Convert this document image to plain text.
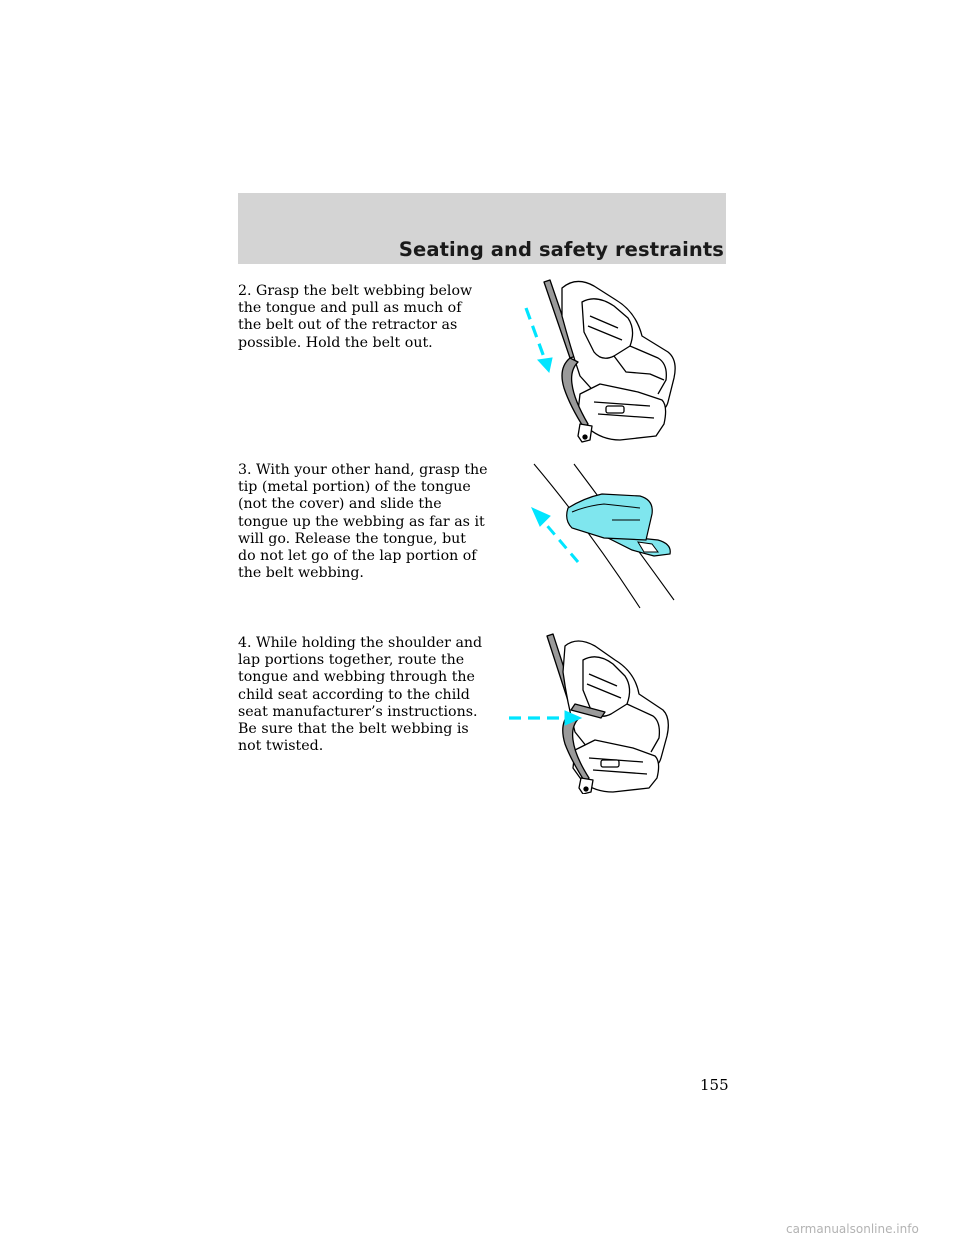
Seating and safety restraints

2. Grasp the belt webbing below the tongue and pull as much of the belt out of the retractor as possible. Hold the belt out.

3. With your other hand, grasp the tip (metal portion) of the tongue (not the cover) and slide the tongue up the webbing as far as it will go. Release the tongue, but do not let go of the lap portion of the belt webbing.

4. While holding the shoulder and lap portions together, route the tongue and webbing through the child seat according to the child seat manufacturer’s instructions. Be sure that the belt webbing is not twisted.

155
carmanualsonline.info
